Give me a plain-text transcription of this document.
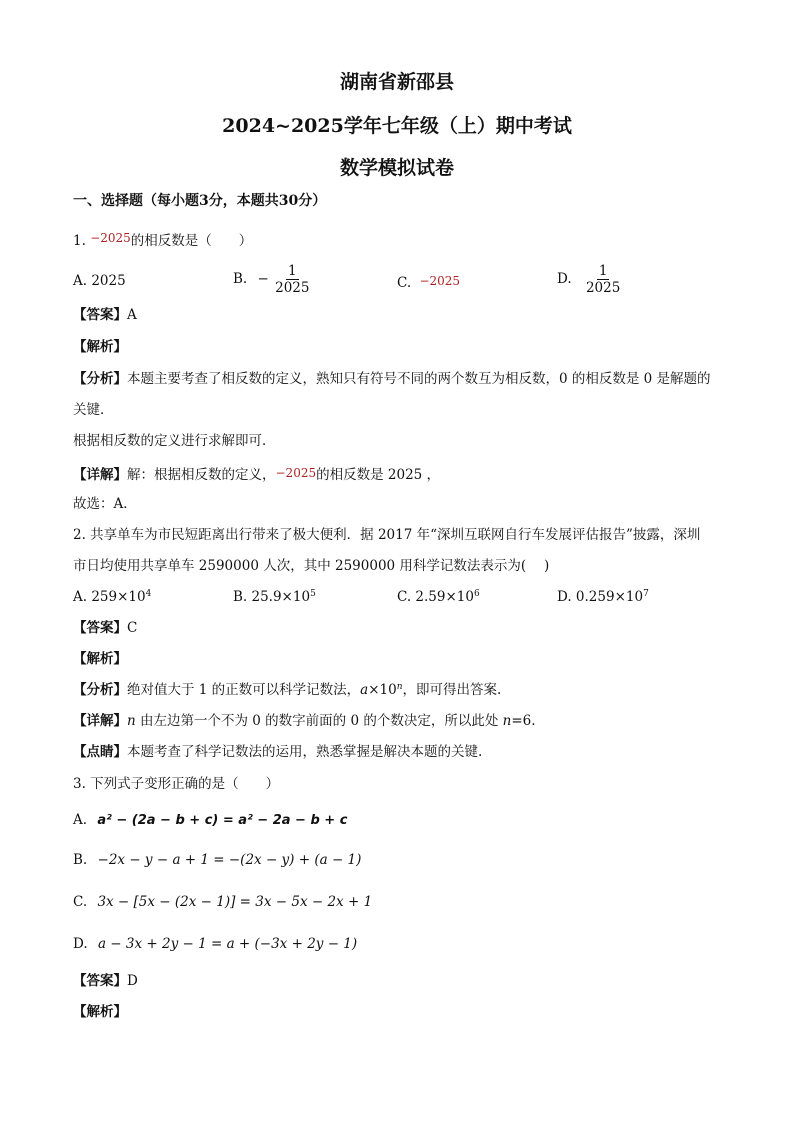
湖南省新邵县
2024~2025学年七年级（上）期中考试
数学模拟试卷
一、选择题（每小题3分，本题共30分）
1. −2025的相反数是（　　）
A. 2025	B. − $\frac{1}{2025}$	C. −2025	D. $\frac{1}{2025}$
【答案】A
【解析】
【分析】本题主要考查了相反数的定义，熟知只有符号不同的两个数互为相反数，0 的相反数是 0 是解题的
关键．
根据相反数的定义进行求解即可．
【详解】解：根据相反数的定义，−2025的相反数是 2025 ，
故选：A．
2. 共享单车为市民短距离出行带来了极大便利．据 2017 年“深圳互联网自行车发展评估报告”披露，深圳
市日均使用共享单车 2590000 人次，其中 2590000 用科学记数法表示为(　 )
A. $259\times 10^4$	B. $25.9\times 10^5$	C. $2.59\times 10^6$	D. $0.259\times 10^7$
【答案】C
【解析】
【分析】绝对值大于 1 的正数可以科学记数法，$a\times 10^n$，即可得出答案.
【详解】n 由左边第一个不为 0 的数字前面的 0 的个数决定，所以此处 n=6.
【点睛】本题考查了科学记数法的运用，熟悉掌握是解决本题的关键.
3. 下列式子变形正确的是（　　）
A. a² − (2a − b + c) = a² − 2a − b + c
B. −2x − y − a + 1 = −(2x − y) + (a − 1)
C. 3x − [5x − (2x − 1)] = 3x − 5x − 2x + 1
D. a − 3x + 2y − 1 = a + (−3x + 2y − 1)
【答案】D
【解析】
